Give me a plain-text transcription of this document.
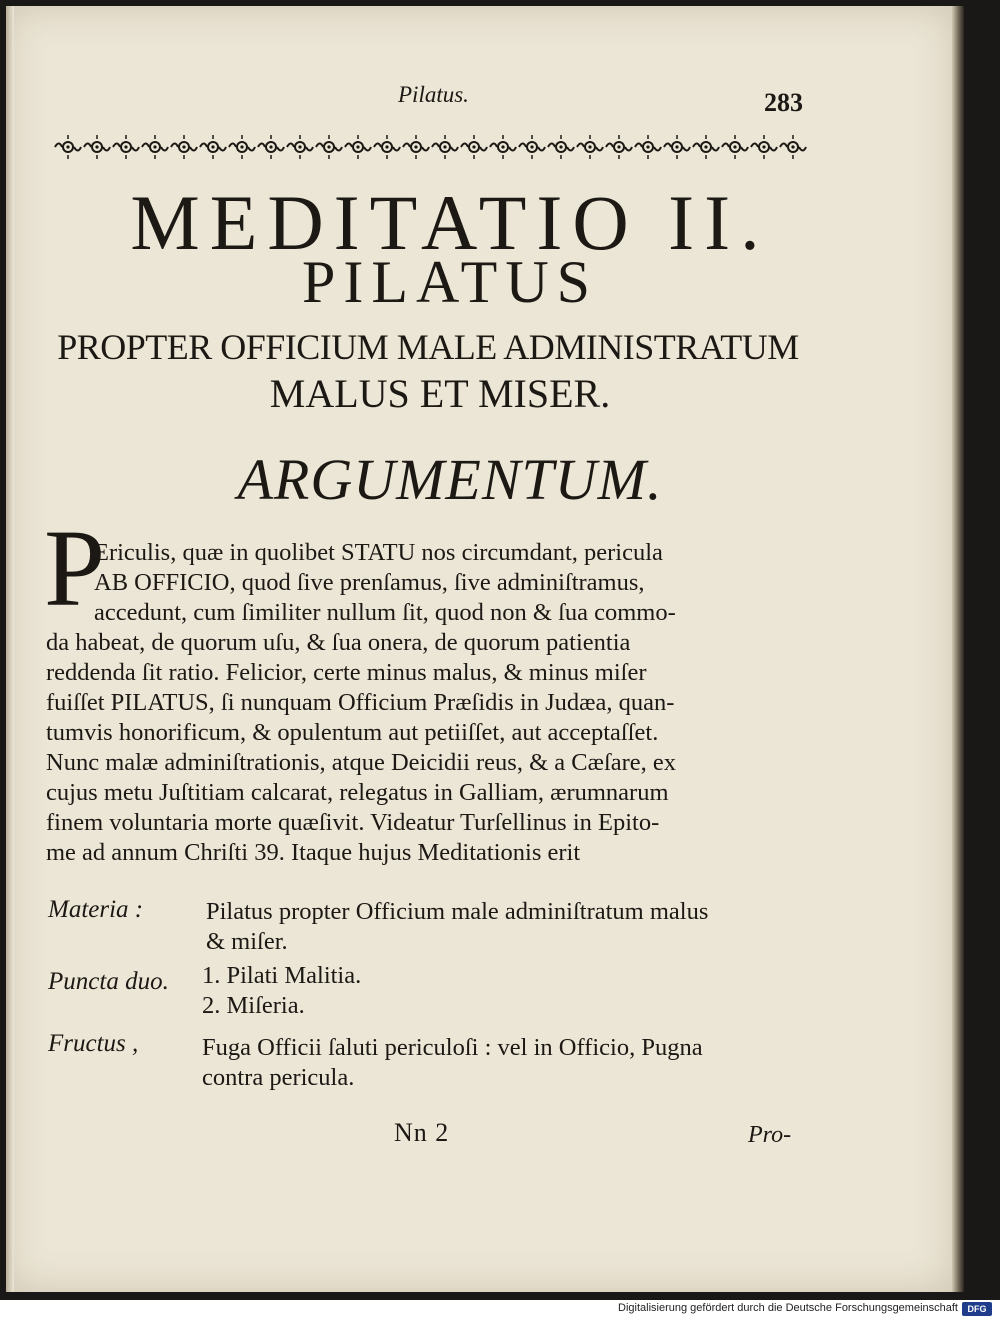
Pilatus.	283
MEDITATIO II.
PILATUS
PROPTER OFFICIUM MALE ADMINISTRATUM
MALUS ET MISER.
ARGUMENTUM.
P
Ericulis, quæ in quolibet STATU nos circumdant, pericula
AB OFFICIO, quod ſive prenſamus, ſive adminiſtramus,
accedunt, cum ſimiliter nullum ſit, quod non & ſua commo-
da habeat, de quorum uſu, & ſua onera, de quorum patientia
reddenda ſit ratio. Felicior, certe minus malus, & minus miſer
fuiſſet PILATUS, ſi nunquam Officium Præſidis in Judæa, quan-
tumvis honorificum, & opulentum aut petiiſſet, aut acceptaſſet.
Nunc malæ adminiſtrationis, atque Deicidii reus, & a Cæſare, ex
cujus metu Juſtitiam calcarat, relegatus in Galliam, ærumnarum
finem voluntaria morte quæſivit. Videatur Turſellinus in Epito-
me ad annum Chriſti 39. Itaque hujus Meditationis erit
Materia :	Pilatus propter Officium male adminiſtratum malus
& miſer.
Puncta duo. 1. Pilati Malitia.
2. Miſeria.
Fructus ,	Fuga Officii ſaluti periculoſi : vel in Officio, Pugna
contra pericula.
Nn 2	Pro-
Digitalisierung gefördert durch die Deutsche Forschungsgemeinschaft	DFG
